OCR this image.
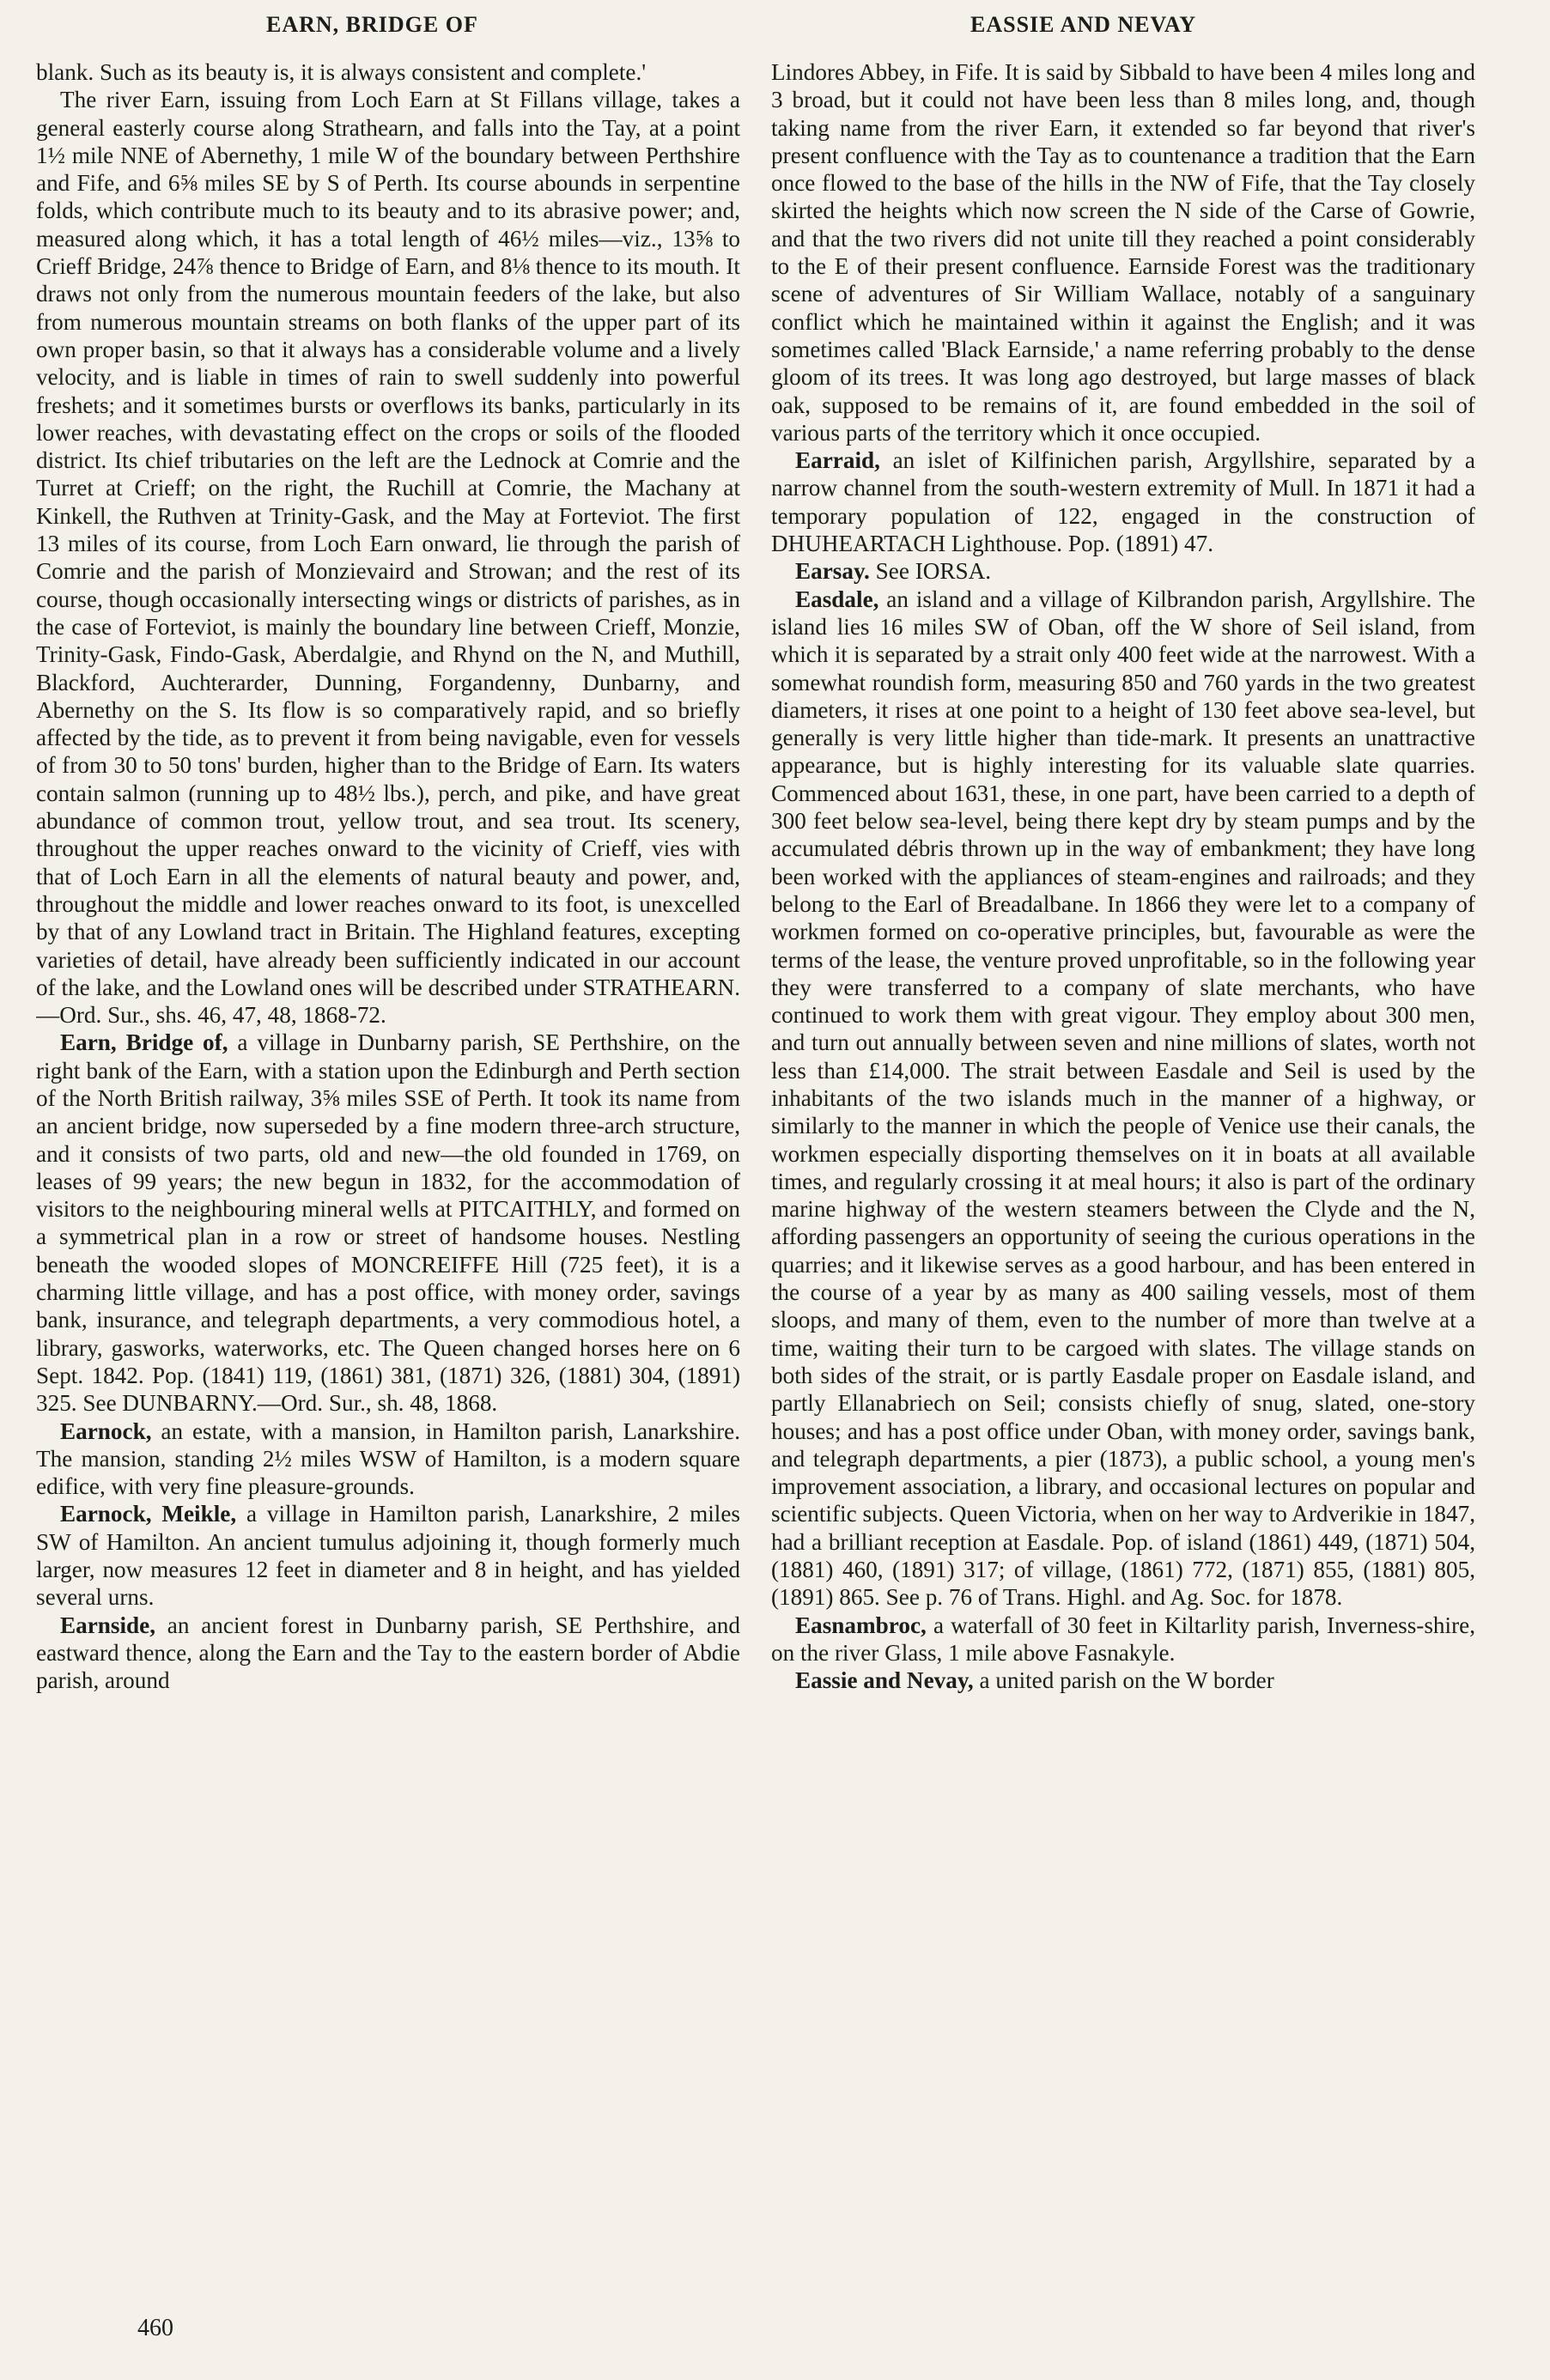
EARN, BRIDGE OF	EASSIE AND NEVAY

blank. Such as its beauty is, it is always consistent and complete.'

The river Earn, issuing from Loch Earn at St Fillans village, takes a general easterly course along Strathearn, and falls into the Tay, at a point 1½ mile NNE of Abernethy, 1 mile W of the boundary between Perthshire and Fife, and 6⅝ miles SE by S of Perth. Its course abounds in serpentine folds, which contribute much to its beauty and to its abrasive power; and, measured along which, it has a total length of 46½ miles—viz., 13⅝ to Crieff Bridge, 24⅞ thence to Bridge of Earn, and 8⅛ thence to its mouth. It draws not only from the numerous mountain feeders of the lake, but also from numerous mountain streams on both flanks of the upper part of its own proper basin, so that it always has a considerable volume and a lively velocity, and is liable in times of rain to swell suddenly into powerful freshets; and it sometimes bursts or overflows its banks, particularly in its lower reaches, with devastating effect on the crops or soils of the flooded district. Its chief tributaries on the left are the Lednock at Comrie and the Turret at Crieff; on the right, the Ruchill at Comrie, the Machany at Kinkell, the Ruthven at Trinity-Gask, and the May at Forteviot. The first 13 miles of its course, from Loch Earn onward, lie through the parish of Comrie and the parish of Monzievaird and Strowan; and the rest of its course, though occasionally intersecting wings or districts of parishes, as in the case of Forteviot, is mainly the boundary line between Crieff, Monzie, Trinity-Gask, Findo-Gask, Aberdalgie, and Rhynd on the N, and Muthill, Blackford, Auchterarder, Dunning, Forgandenny, Dunbarny, and Abernethy on the S. Its flow is so comparatively rapid, and so briefly affected by the tide, as to prevent it from being navigable, even for vessels of from 30 to 50 tons' burden, higher than to the Bridge of Earn. Its waters contain salmon (running up to 48½ lbs.), perch, and pike, and have great abundance of common trout, yellow trout, and sea trout. Its scenery, throughout the upper reaches onward to the vicinity of Crieff, vies with that of Loch Earn in all the elements of natural beauty and power, and, throughout the middle and lower reaches onward to its foot, is unexcelled by that of any Lowland tract in Britain. The Highland features, excepting varieties of detail, have already been sufficiently indicated in our account of the lake, and the Lowland ones will be described under STRATHEARN.—Ord. Sur., shs. 46, 47, 48, 1868-72.

Earn, Bridge of, a village in Dunbarny parish, SE Perthshire, on the right bank of the Earn, with a station upon the Edinburgh and Perth section of the North British railway, 3⅝ miles SSE of Perth. It took its name from an ancient bridge, now superseded by a fine modern three-arch structure, and it consists of two parts, old and new—the old founded in 1769, on leases of 99 years; the new begun in 1832, for the accommodation of visitors to the neighbouring mineral wells at PITCAITHLY, and formed on a symmetrical plan in a row or street of handsome houses. Nestling beneath the wooded slopes of MONCREIFFE Hill (725 feet), it is a charming little village, and has a post office, with money order, savings bank, insurance, and telegraph departments, a very commodious hotel, a library, gasworks, waterworks, etc. The Queen changed horses here on 6 Sept. 1842. Pop. (1841) 119, (1861) 381, (1871) 326, (1881) 304, (1891) 325. See DUNBARNY.—Ord. Sur., sh. 48, 1868.

Earnock, an estate, with a mansion, in Hamilton parish, Lanarkshire. The mansion, standing 2½ miles WSW of Hamilton, is a modern square edifice, with very fine pleasure-grounds.

Earnock, Meikle, a village in Hamilton parish, Lanarkshire, 2 miles SW of Hamilton. An ancient tumulus adjoining it, though formerly much larger, now measures 12 feet in diameter and 8 in height, and has yielded several urns.

Earnside, an ancient forest in Dunbarny parish, SE Perthshire, and eastward thence, along the Earn and the Tay to the eastern border of Abdie parish, around

Lindores Abbey, in Fife. It is said by Sibbald to have been 4 miles long and 3 broad, but it could not have been less than 8 miles long, and, though taking name from the river Earn, it extended so far beyond that river's present confluence with the Tay as to countenance a tradition that the Earn once flowed to the base of the hills in the NW of Fife, that the Tay closely skirted the heights which now screen the N side of the Carse of Gowrie, and that the two rivers did not unite till they reached a point considerably to the E of their present confluence. Earnside Forest was the traditionary scene of adventures of Sir William Wallace, notably of a sanguinary conflict which he maintained within it against the English; and it was sometimes called 'Black Earnside,' a name referring probably to the dense gloom of its trees. It was long ago destroyed, but large masses of black oak, supposed to be remains of it, are found embedded in the soil of various parts of the territory which it once occupied.

Earraid, an islet of Kilfinichen parish, Argyllshire, separated by a narrow channel from the south-western extremity of Mull. In 1871 it had a temporary population of 122, engaged in the construction of DHUHEARTACH Lighthouse. Pop. (1891) 47.

Earsay. See IORSA.

Easdale, an island and a village of Kilbrandon parish, Argyllshire. The island lies 16 miles SW of Oban, off the W shore of Seil island, from which it is separated by a strait only 400 feet wide at the narrowest. With a somewhat roundish form, measuring 850 and 760 yards in the two greatest diameters, it rises at one point to a height of 130 feet above sea-level, but generally is very little higher than tide-mark. It presents an unattractive appearance, but is highly interesting for its valuable slate quarries. Commenced about 1631, these, in one part, have been carried to a depth of 300 feet below sea-level, being there kept dry by steam pumps and by the accumulated débris thrown up in the way of embankment; they have long been worked with the appliances of steam-engines and railroads; and they belong to the Earl of Breadalbane. In 1866 they were let to a company of workmen formed on co-operative principles, but, favourable as were the terms of the lease, the venture proved unprofitable, so in the following year they were transferred to a company of slate merchants, who have continued to work them with great vigour. They employ about 300 men, and turn out annually between seven and nine millions of slates, worth not less than £14,000. The strait between Easdale and Seil is used by the inhabitants of the two islands much in the manner of a highway, or similarly to the manner in which the people of Venice use their canals, the workmen especially disporting themselves on it in boats at all available times, and regularly crossing it at meal hours; it also is part of the ordinary marine highway of the western steamers between the Clyde and the N, affording passengers an opportunity of seeing the curious operations in the quarries; and it likewise serves as a good harbour, and has been entered in the course of a year by as many as 400 sailing vessels, most of them sloops, and many of them, even to the number of more than twelve at a time, waiting their turn to be cargoed with slates. The village stands on both sides of the strait, or is partly Easdale proper on Easdale island, and partly Ellanabriech on Seil; consists chiefly of snug, slated, one-story houses; and has a post office under Oban, with money order, savings bank, and telegraph departments, a pier (1873), a public school, a young men's improvement association, a library, and occasional lectures on popular and scientific subjects. Queen Victoria, when on her way to Ardverikie in 1847, had a brilliant reception at Easdale. Pop. of island (1861) 449, (1871) 504, (1881) 460, (1891) 317; of village, (1861) 772, (1871) 855, (1881) 805, (1891) 865. See p. 76 of Trans. Highl. and Ag. Soc. for 1878.

Easnambroc, a waterfall of 30 feet in Kiltarlity parish, Inverness-shire, on the river Glass, 1 mile above Fasnakyle.

Eassie and Nevay, a united parish on the W border

460
